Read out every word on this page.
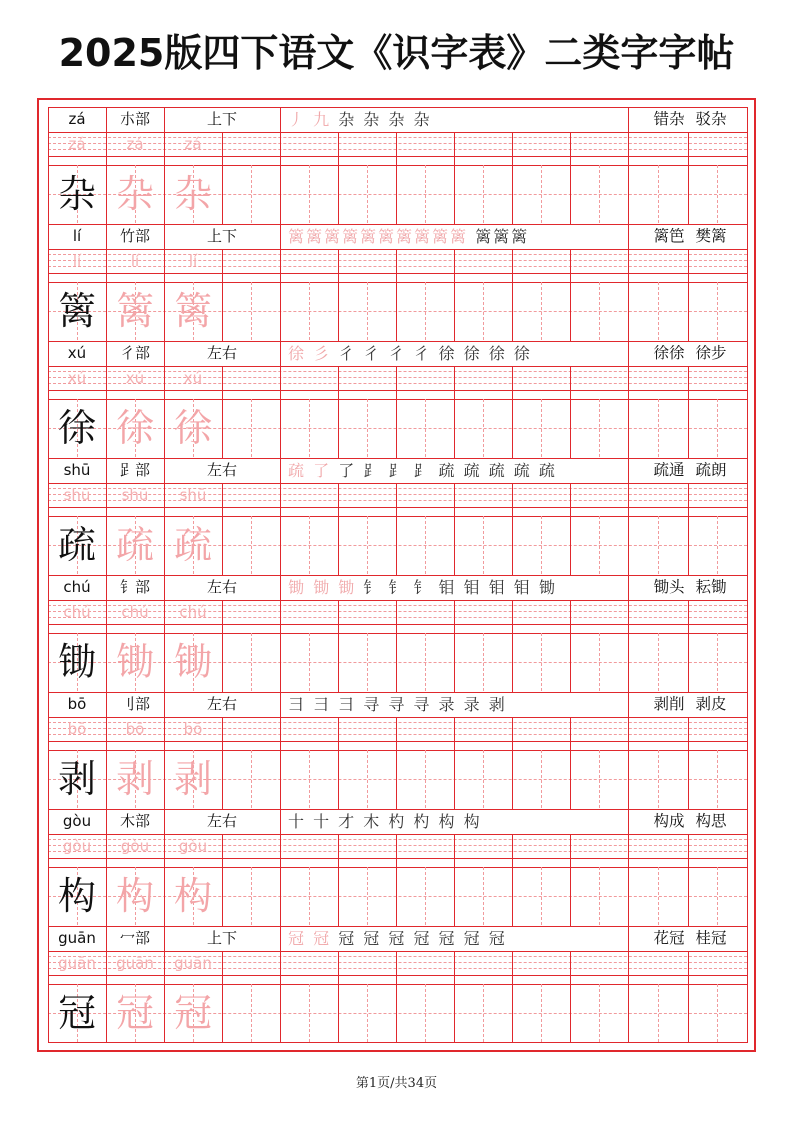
2025版四下语文《识字表》二类字字帖
zá	朩部	上下	丿 九 杂 杂 杂 杂	错杂 驳杂
zá	zá	zá
杂 杂 杂
lí	竹部	上下	篱篱篱篱篱篱篱篱篱篱 篱篱篱	篱笆 樊篱
lí	lí	lí
篱 篱 篱
xú	彳部	左右	徐 彡 彳 彳 彳 彳 徐 徐 徐 徐	徐徐 徐步
xú	xú	xú
徐 徐 徐
shū	𧾷部	左右	疏 了 了 ⻊ ⻊ ⻊ 疏 疏 疏 疏 疏	疏通 疏朗
shū	shū	shū
疏 疏 疏
chú	钅部	左右	锄 锄 锄 钅 钅 钅 钼 钼 钼 钼 锄	锄头 耘锄
chú	chú	chú
锄 锄 锄
bō	刂部	左右	彐 彐 彐 寻 寻 寻 录 录 剥	剥削 剥皮
bō	bō	bō
剥 剥 剥
gòu	木部	左右	十 十 才 木 杓 杓 构 构	构成 构思
gòu	gòu	gòu
构 构 构
guān	冖部	上下	冠 冠 冠 冠 冠 冠 冠 冠 冠	花冠 桂冠
guān	guān	guān
冠 冠 冠
第1页/共34页
